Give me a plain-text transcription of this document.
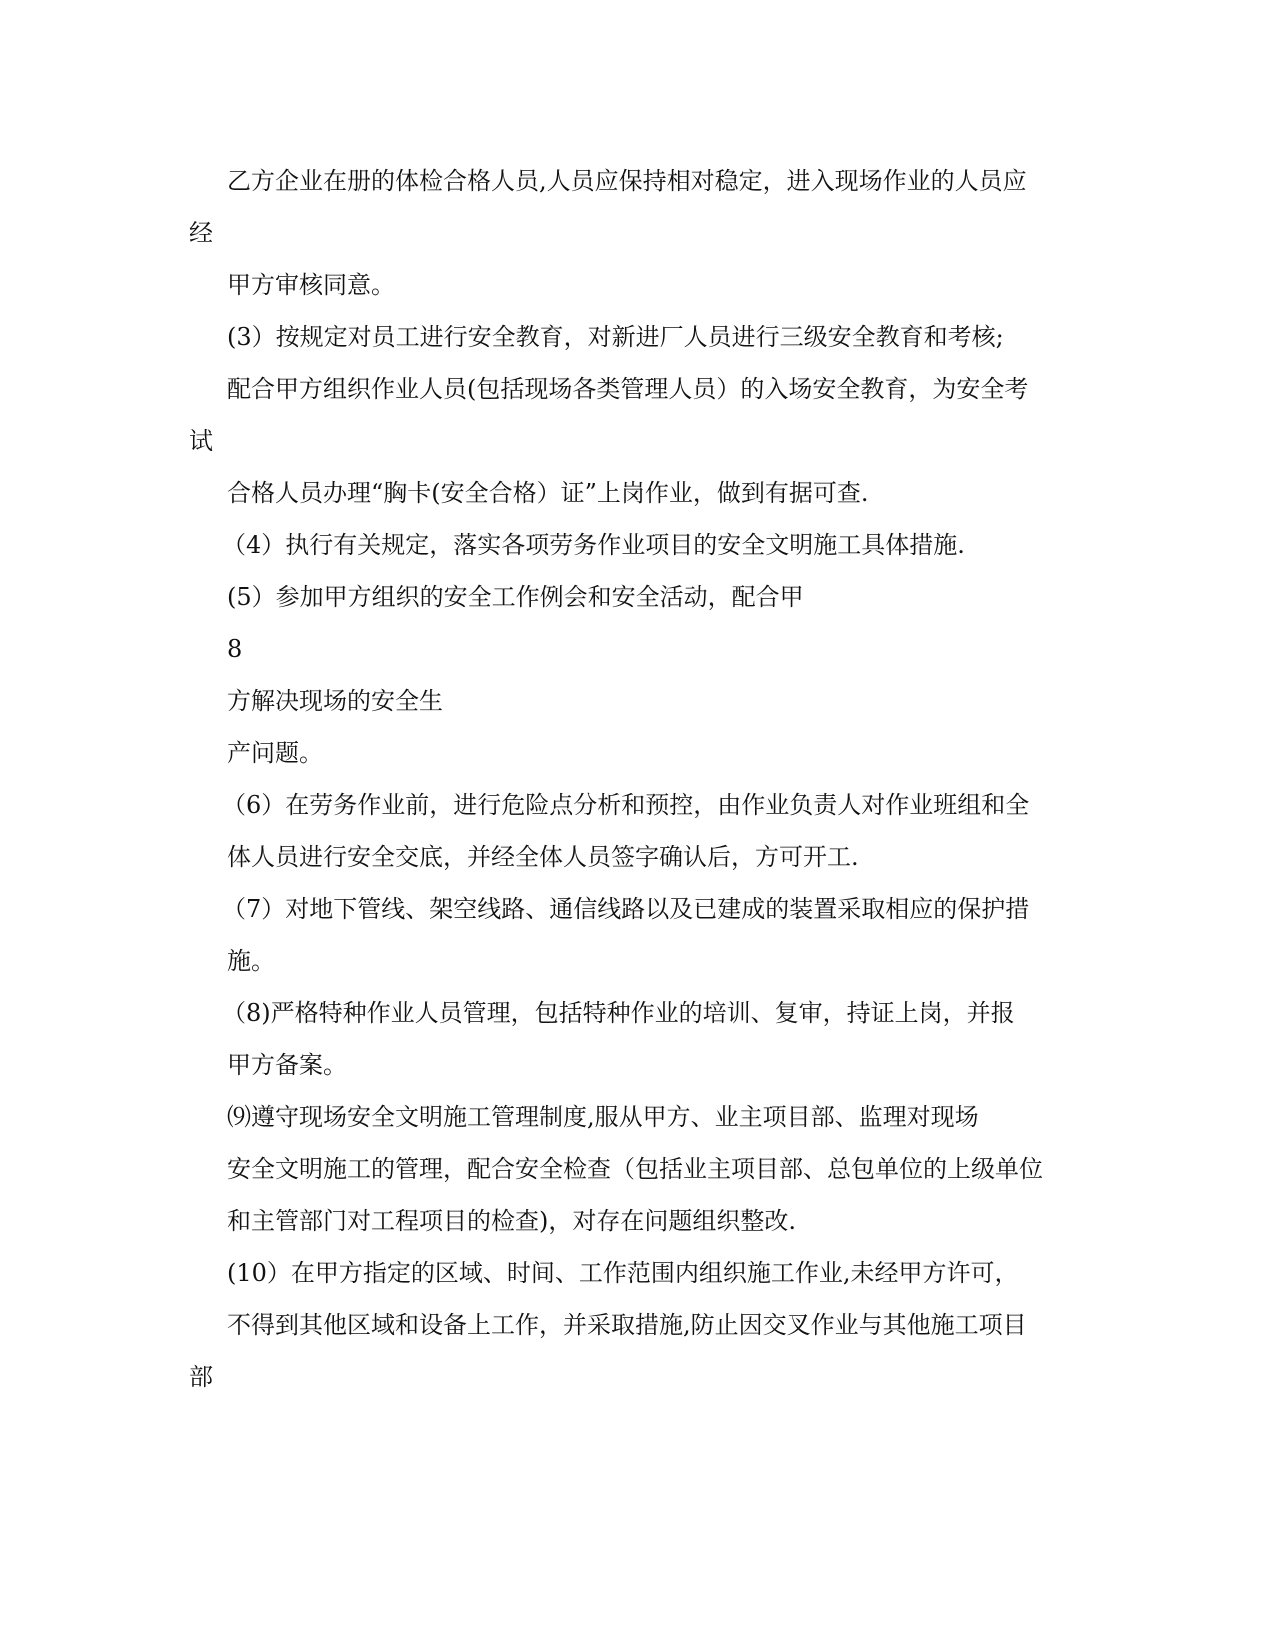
乙方企业在册的体检合格人员,人员应保持相对稳定，进入现场作业的人员应
经
甲方审核同意。
(3）按规定对员工进行安全教育，对新进厂人员进行三级安全教育和考核;
配合甲方组织作业人员(包括现场各类管理人员）的入场安全教育，为安全考
试
合格人员办理“胸卡(安全合格）证”上岗作业，做到有据可查.
（4）执行有关规定，落实各项劳务作业项目的安全文明施工具体措施.
(5）参加甲方组织的安全工作例会和安全活动，配合甲
8
方解决现场的安全生
产问题。
（6）在劳务作业前，进行危险点分析和预控，由作业负责人对作业班组和全
体人员进行安全交底，并经全体人员签字确认后，方可开工.
（7）对地下管线、架空线路、通信线路以及已建成的装置采取相应的保护措
施。
（8)严格特种作业人员管理，包括特种作业的培训、复审，持证上岗，并报
甲方备案。
⑼遵守现场安全文明施工管理制度,服从甲方、业主项目部、监理对现场
安全文明施工的管理，配合安全检查（包括业主项目部、总包单位的上级单位
和主管部门对工程项目的检查)，对存在问题组织整改.
(10）在甲方指定的区域、时间、工作范围内组织施工作业,未经甲方许可，
不得到其他区域和设备上工作，并采取措施,防止因交叉作业与其他施工项目
部
